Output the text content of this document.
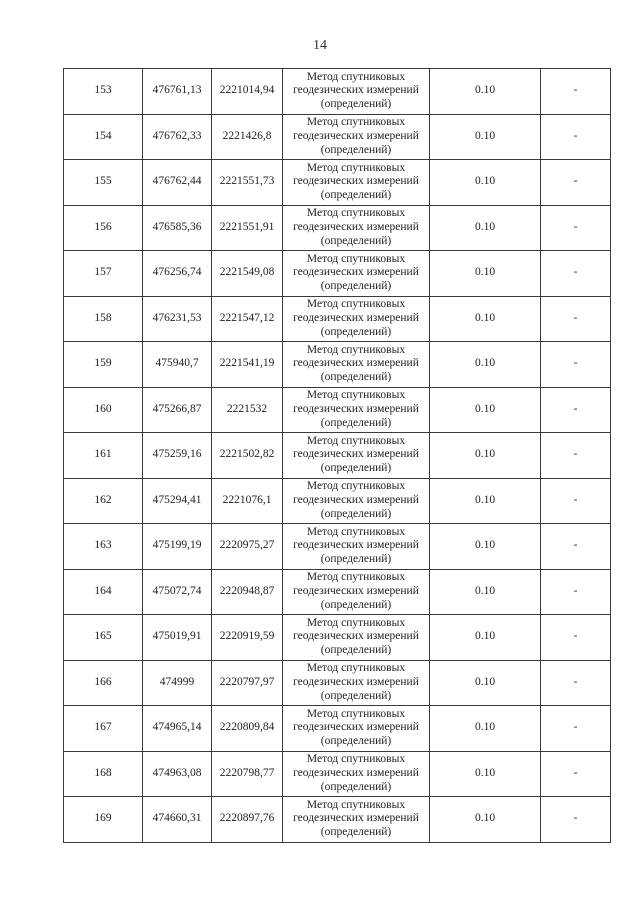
14
153	476761,13	2221014,94	Метод спутниковых
геодезических измерений
(определений)	0.10	-
154	476762,33	2221426,8	Метод спутниковых
геодезических измерений
(определений)	0.10	-
155	476762,44	2221551,73	Метод спутниковых
геодезических измерений
(определений)	0.10	-
156	476585,36	2221551,91	Метод спутниковых
геодезических измерений
(определений)	0.10	-
157	476256,74	2221549,08	Метод спутниковых
геодезических измерений
(определений)	0.10	-
158	476231,53	2221547,12	Метод спутниковых
геодезических измерений
(определений)	0.10	-
159	475940,7	2221541,19	Метод спутниковых
геодезических измерений
(определений)	0.10	-
160	475266,87	2221532	Метод спутниковых
геодезических измерений
(определений)	0.10	-
161	475259,16	2221502,82	Метод спутниковых
геодезических измерений
(определений)	0.10	-
162	475294,41	2221076,1	Метод спутниковых
геодезических измерений
(определений)	0.10	-
163	475199,19	2220975,27	Метод спутниковых
геодезических измерений
(определений)	0.10	-
164	475072,74	2220948,87	Метод спутниковых
геодезических измерений
(определений)	0.10	-
165	475019,91	2220919,59	Метод спутниковых
геодезических измерений
(определений)	0.10	-
166	474999	2220797,97	Метод спутниковых
геодезических измерений
(определений)	0.10	-
167	474965,14	2220809,84	Метод спутниковых
геодезических измерений
(определений)	0.10	-
168	474963,08	2220798,77	Метод спутниковых
геодезических измерений
(определений)	0.10	-
169	474660,31	2220897,76	Метод спутниковых
геодезических измерений
(определений)	0.10	-
